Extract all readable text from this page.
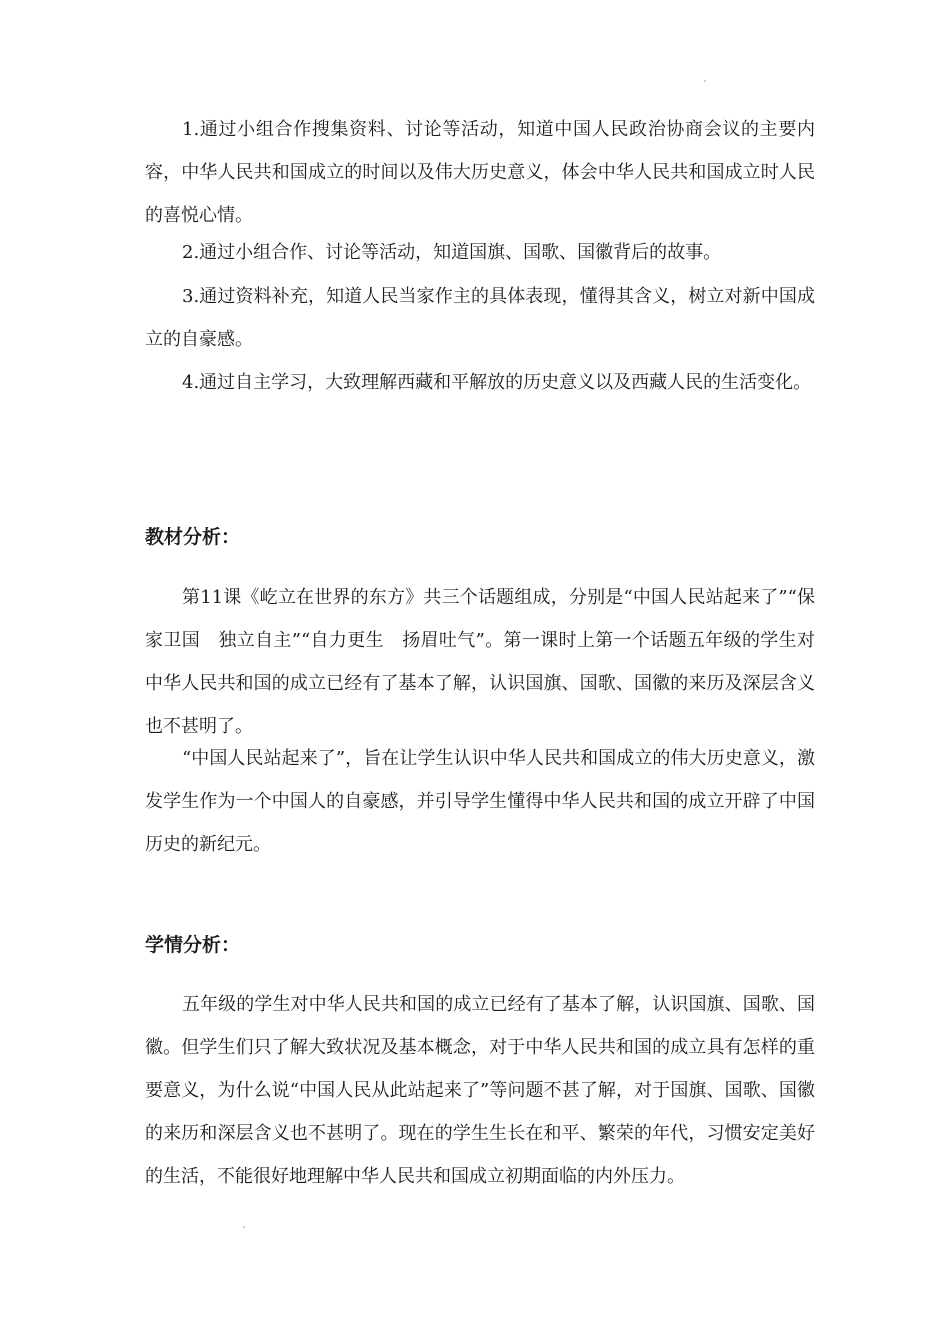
1.通过小组合作搜集资料、讨论等活动，知道中国人民政治协商会议的主要内容，中华人民共和国成立的时间以及伟大历史意义，体会中华人民共和国成立时人民的喜悦心情。

2.通过小组合作、讨论等活动，知道国旗、国歌、国徽背后的故事。

3.通过资料补充，知道人民当家作主的具体表现，懂得其含义，树立对新中国成立的自豪感。

4.通过自主学习，大致理解西藏和平解放的历史意义以及西藏人民的生活变化。

教材分析：

第11课《屹立在世界的东方》共三个话题组成，分别是“中国人民站起来了”“保家卫国　独立自主”“自力更生　扬眉吐气”。第一课时上第一个话题五年级的学生对中华人民共和国的成立已经有了基本了解，认识国旗、国歌、国徽的来历及深层含义也不甚明了。

“中国人民站起来了”，旨在让学生认识中华人民共和国成立的伟大历史意义，激发学生作为一个中国人的自豪感，并引导学生懂得中华人民共和国的成立开辟了中国历史的新纪元。

学情分析：

五年级的学生对中华人民共和国的成立已经有了基本了解，认识国旗、国歌、国徽。但学生们只了解大致状况及基本概念，对于中华人民共和国的成立具有怎样的重要意义，为什么说“中国人民从此站起来了”等问题不甚了解，对于国旗、国歌、国徽的来历和深层含义也不甚明了。现在的学生生长在和平、繁荣的年代，习惯安定美好的生活，不能很好地理解中华人民共和国成立初期面临的内外压力。
